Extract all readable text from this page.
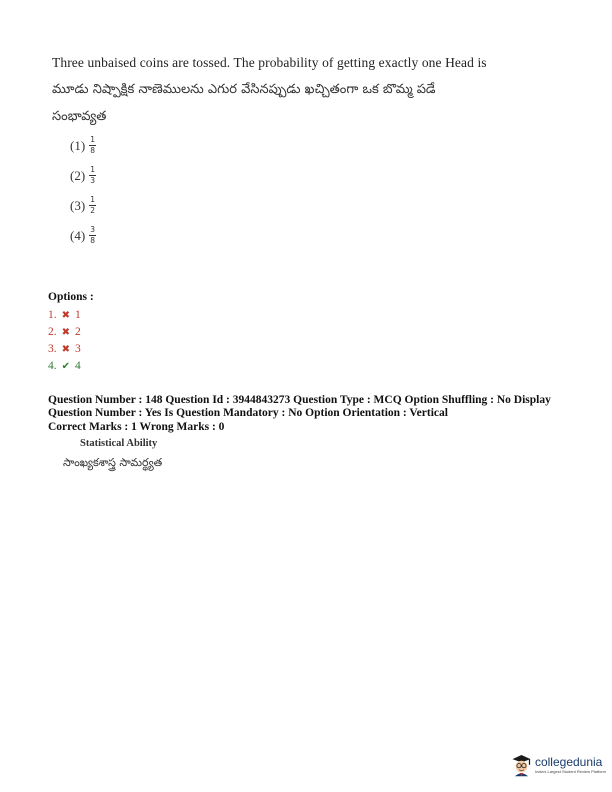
Three unbaised coins are tossed. The probability of getting exactly one Head is
మూడు నిష్పాక్షిక నాణెములను ఎగుర వేసినప్పుడు ఖచ్చితంగా ఒక బొమ్మ పడే
సంభావ్యత
$(1) \frac{1}{8}$
$(2) \frac{1}{3}$
$(3) \frac{1}{2}$
$(4) \frac{3}{8}$
Options :
1. ✖ 1
2. ✖ 2
3. ✖ 3
4. ✔ 4
Question Number : 148 Question Id : 3944843273 Question Type : MCQ Option Shuffling : No Display
Question Number : Yes Is Question Mandatory : No Option Orientation : Vertical
Correct Marks : 1 Wrong Marks : 0
Statistical Ability
సాంఖ్యకశాస్త్ర సామర్థ్యత
collegedunia
India's Largest Student Review Platform
